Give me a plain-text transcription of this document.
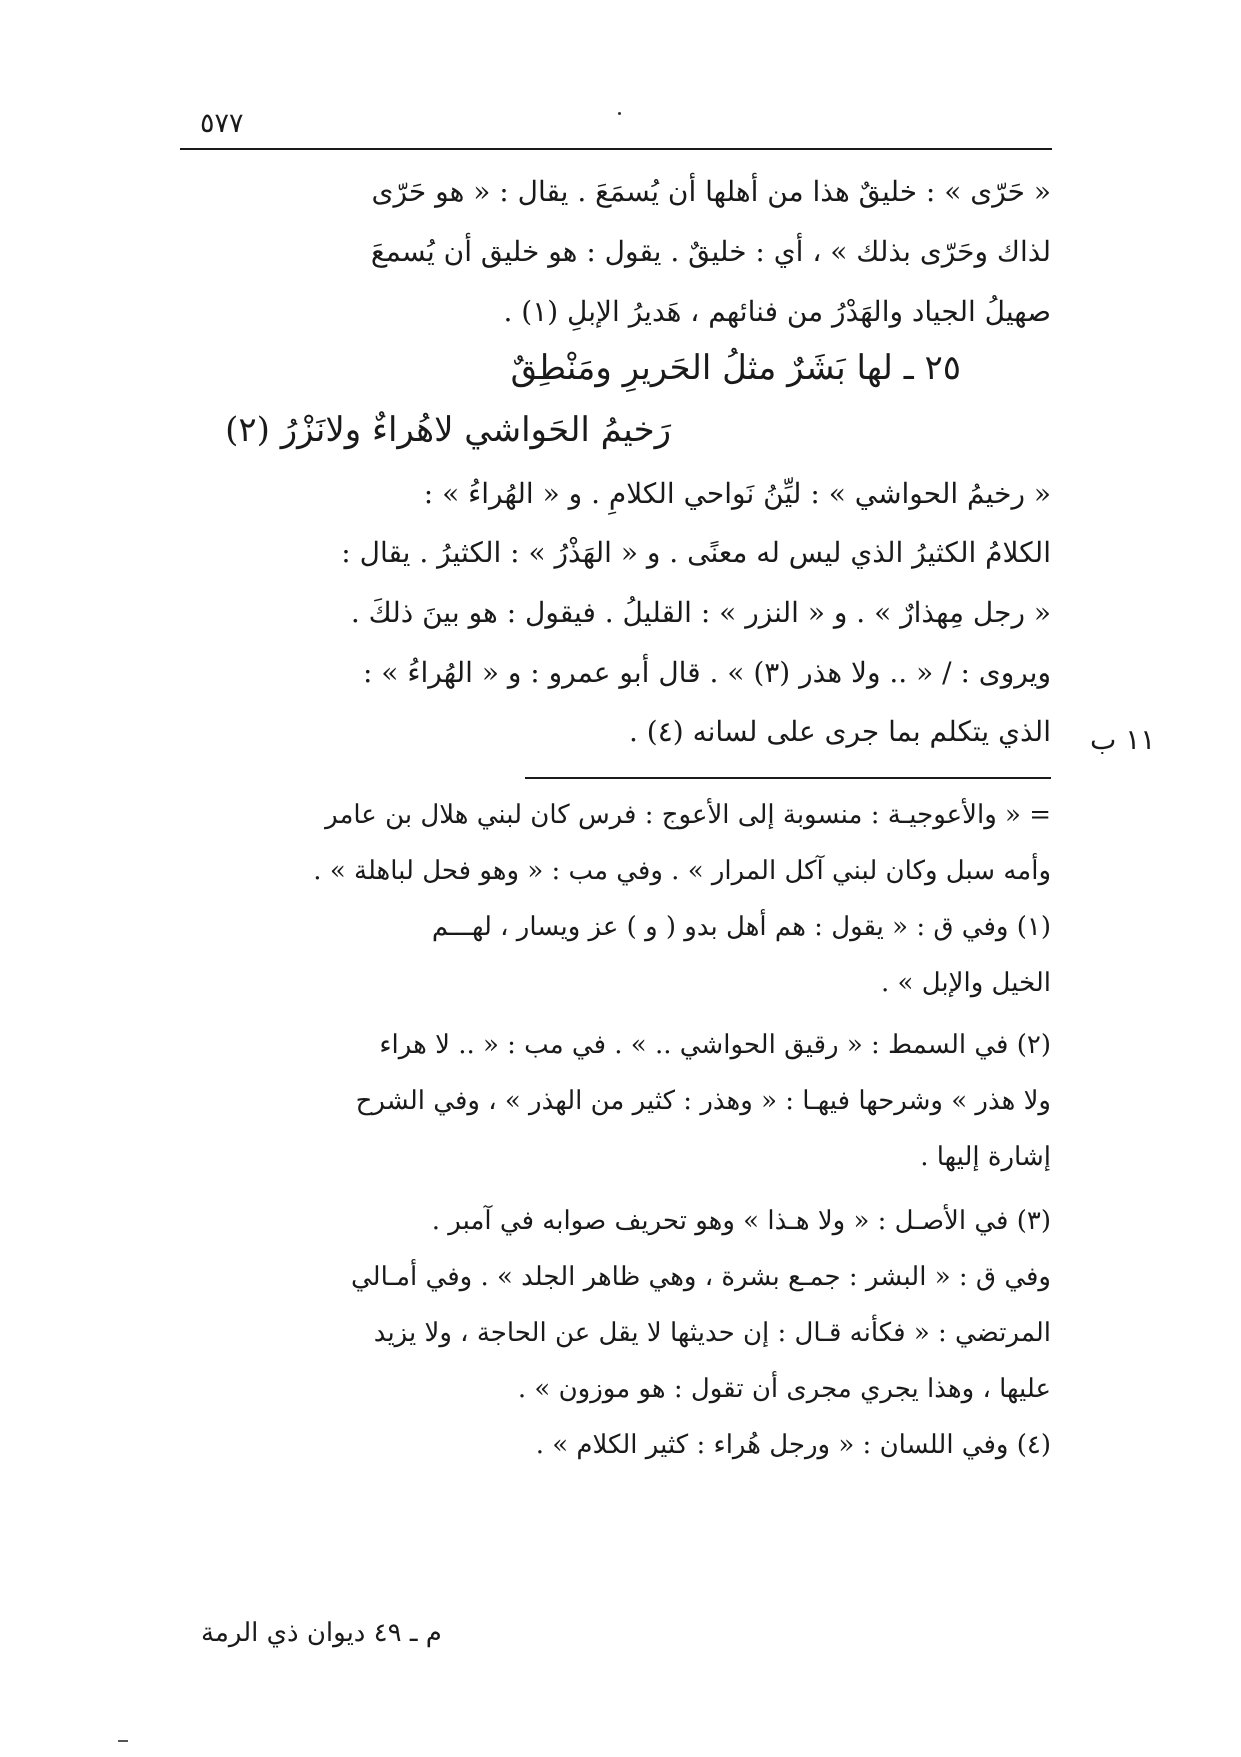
٥٧٧
« حَرّى » : خليقٌ هذا من أهلها أن يُسمَعَ . يقال : « هو حَرّى
لذاك وحَرّى بذلك » ، أي : خليقٌ . يقول : هو خليق أن يُسمعَ
صهيلُ الجياد والهَدْرُ من فنائهم ، هَديرُ الإبلِ (١) .
٢٥ ـ لها بَشَرٌ مثلُ الحَريرِ ومَنْطِقٌ
رَخيمُ الحَواشي لاهُراءٌ ولانَزْرُ (٢)
« رخيمُ الحواشي » : ليِّنُ نَواحي الكلامِ . و « الهُراءُ » :
الكلامُ الكثيرُ الذي ليس له معنًى . و « الهَذْرُ » : الكثيرُ . يقال :
« رجل مِهذارٌ » . و « النزر » : القليلُ . فيقول : هو بينَ ذلكَ .
ويروى : / « .. ولا هذر (٣) » . قال أبو عمرو : و « الهُراءُ » :
الذي يتكلم بما جرى على لسانه (٤) . ١١ ب
= « والأعوجيـة : منسوبة إلى الأعوج : فرس كان لبني هلال بن عامر
وأمه سبل وكان لبني آكل المرار » . وفي مب : « وهو فحل لباهلة » .
(١) وفي ق : « يقول : هم أهل بدو ( و ) عز ويسار ، لهـــم
الخيل والإبل » .
(٢) في السمط : « رقيق الحواشي .. » . في مب : « .. لا هراء
ولا هذر » وشرحها فيهـا : « وهذر : كثير من الهذر » ، وفي الشرح
إشارة إليها .
(٣) في الأصـل : « ولا هـذا » وهو تحريف صوابه في آمبر .
وفي ق : « البشر : جمـع بشرة ، وهي ظاهر الجلد » . وفي أمـالي
المرتضي : « فكأنه قـال : إن حديثها لا يقل عن الحاجة ، ولا يزيد
عليها ، وهذا يجري مجرى أن تقول : هو موزون » .
(٤) وفي اللسان : « ورجل هُراء : كثير الكلام » .
م ـ ٤٩ ديوان ذي الرمة
